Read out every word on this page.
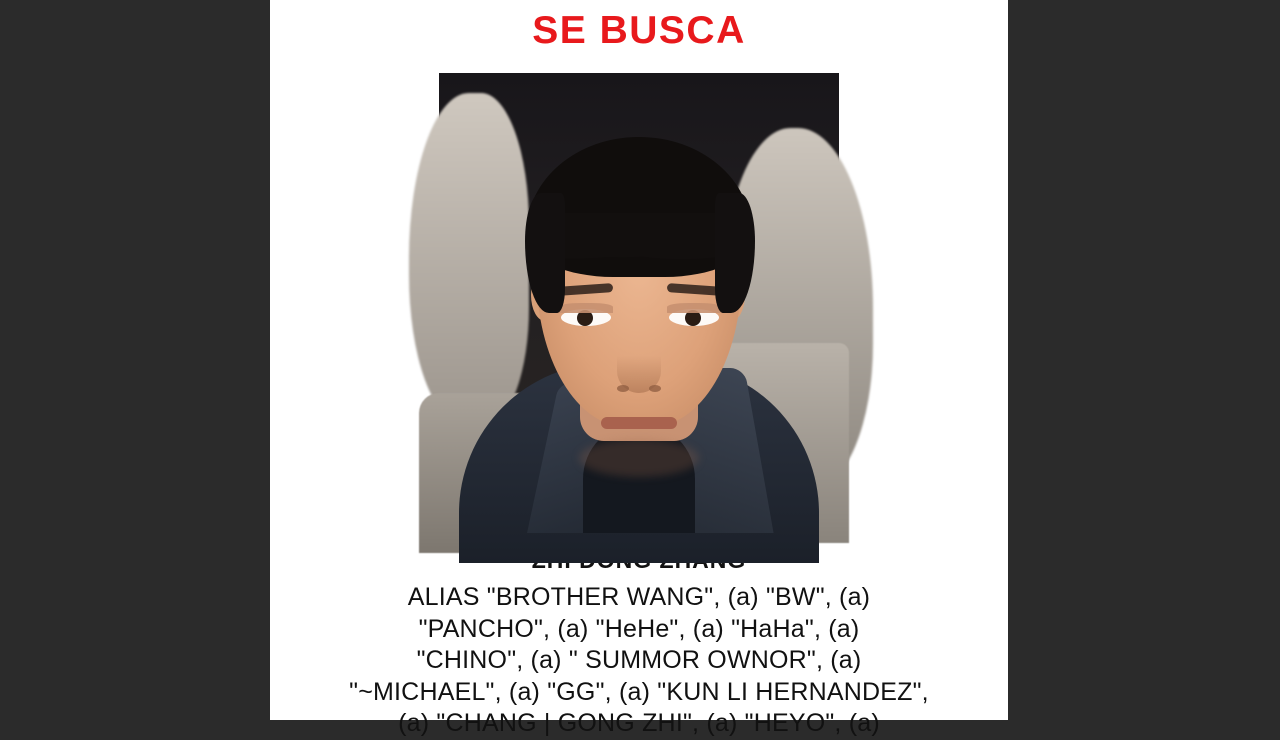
SE BUSCA
ALIAS "BROTHER WANG", (a) "BW", (a)
"PANCHO", (a) "HeHe", (a) "HaHa", (a)
"CHINO", (a) " SUMMOR OWNOR", (a)
"~MICHAEL", (a) "GG", (a) "KUN LI HERNANDEZ",
(a) "CHANG | GONG ZHI", (a) "HEYO", (a)
